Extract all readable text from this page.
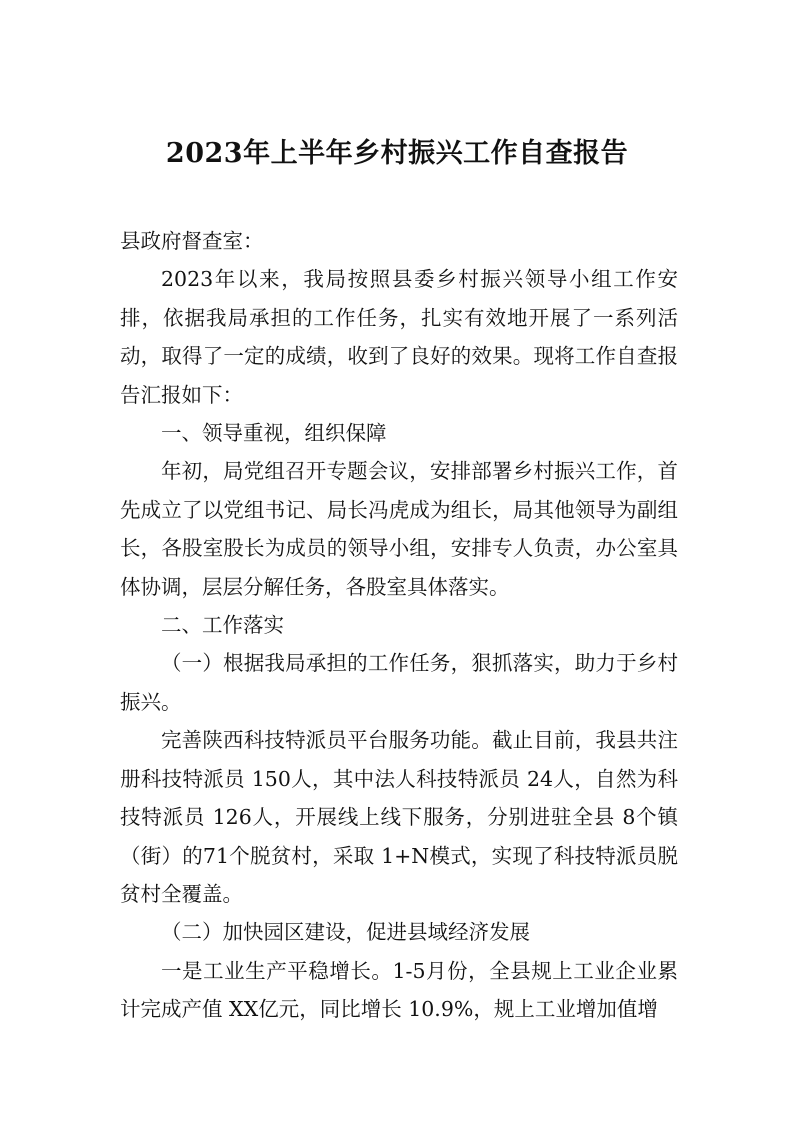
2023年上半年乡村振兴工作自查报告

县政府督查室：

2023年以来，我局按照县委乡村振兴领导小组工作安排，依据我局承担的工作任务，扎实有效地开展了一系列活动，取得了一定的成绩，收到了良好的效果。现将工作自查报告汇报如下：

一、领导重视，组织保障

年初，局党组召开专题会议，安排部署乡村振兴工作，首先成立了以党组书记、局长冯虎成为组长，局其他领导为副组长，各股室股长为成员的领导小组，安排专人负责，办公室具体协调，层层分解任务，各股室具体落实。

二、工作落实

（一）根据我局承担的工作任务，狠抓落实，助力于乡村振兴。

完善陕西科技特派员平台服务功能。截止目前，我县共注册科技特派员 150人，其中法人科技特派员 24人，自然为科技特派员 126人，开展线上线下服务，分别进驻全县 8个镇（街）的71个脱贫村，采取 1+N模式，实现了科技特派员脱贫村全覆盖。

（二）加快园区建设，促进县域经济发展

一是工业生产平稳增长。1-5月份，全县规上工业企业累计完成产值 XX亿元，同比增长 10.9%，规上工业增加值增
